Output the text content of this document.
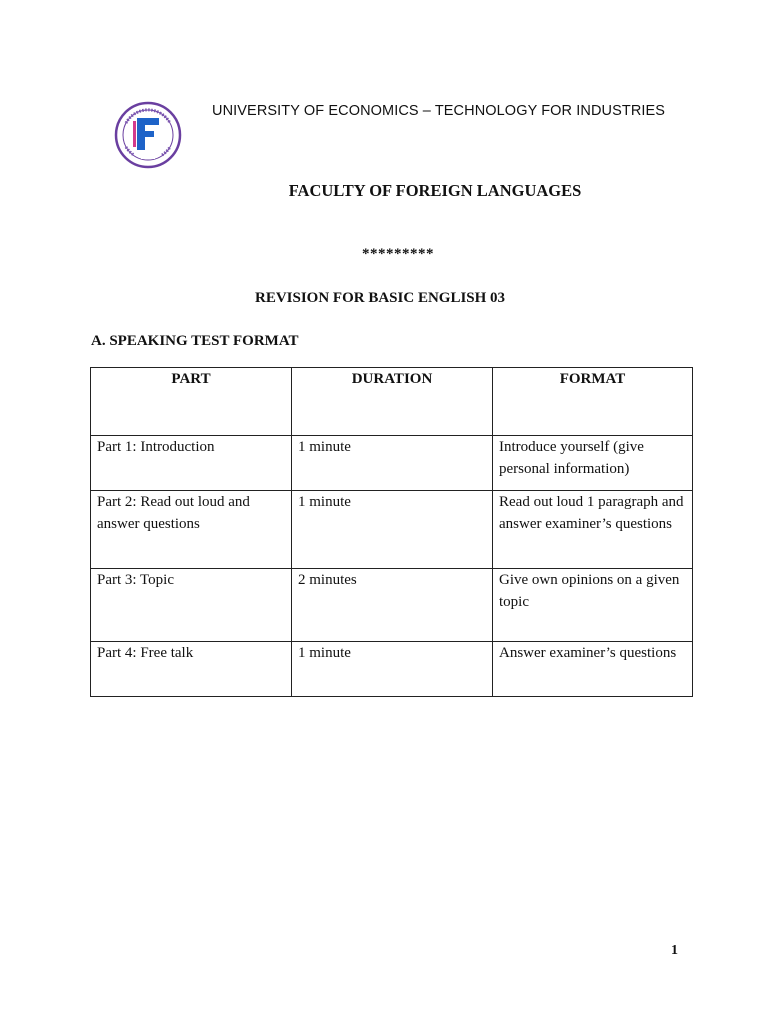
UNIVERSITY OF ECONOMICS – TECHNOLOGY FOR INDUSTRIES
FACULTY OF FOREIGN LANGUAGES
*********
REVISION FOR BASIC ENGLISH 03
A. SPEAKING TEST FORMAT
PART	DURATION	FORMAT
Part 1: Introduction	1 minute	Introduce yourself (give personal information)
Part 2: Read out loud and answer questions	1 minute	Read out loud 1 paragraph and answer examiner’s questions
Part 3: Topic	2 minutes	Give own opinions on a given topic
Part 4: Free talk	1 minute	Answer examiner’s questions
1
